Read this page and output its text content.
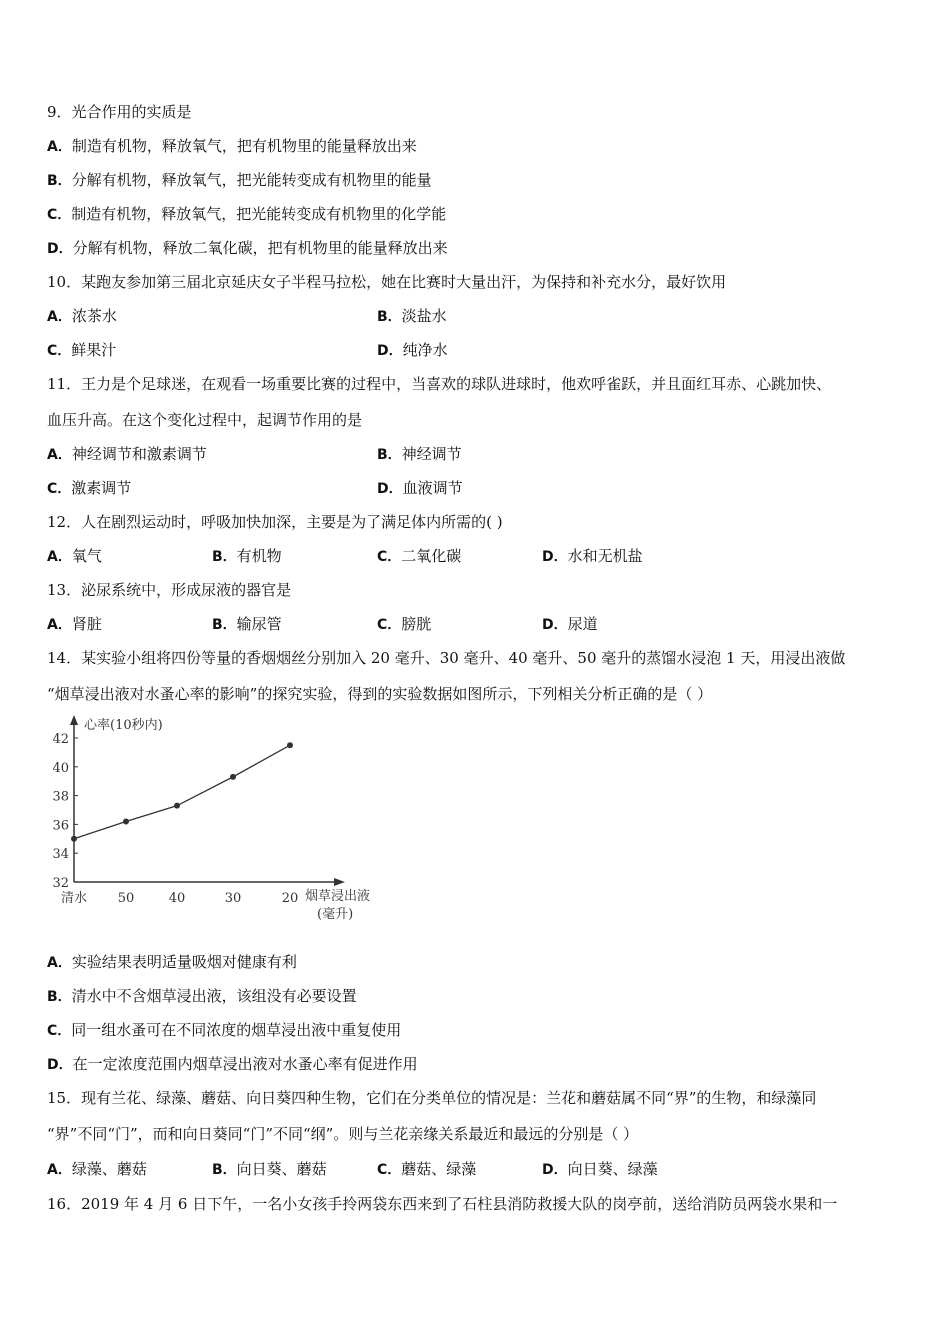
9．光合作用的实质是
A．制造有机物，释放氧气，把有机物里的能量释放出来
B．分解有机物，释放氧气，把光能转变成有机物里的能量
C．制造有机物，释放氧气，把光能转变成有机物里的化学能
D．分解有机物，释放二氧化碳，把有机物里的能量释放出来
10．某跑友参加第三届北京延庆女子半程马拉松，她在比赛时大量出汗，为保持和补充水分，最好饮用
A．浓茶水	B．淡盐水
C．鲜果汁	D．纯净水
11．王力是个足球迷，在观看一场重要比赛的过程中，当喜欢的球队进球时，他欢呼雀跃，并且面红耳赤、心跳加快、
血压升高。在这个变化过程中，起调节作用的是
A．神经调节和激素调节	B．神经调节
C．激素调节	D．血液调节
12．人在剧烈运动时，呼吸加快加深，主要是为了满足体内所需的( )
A．氧气	B．有机物	C．二氧化碳	D．水和无机盐
13．泌尿系统中，形成尿液的器官是
A．肾脏	B．输尿管	C．膀胱	D．尿道
14．某实验小组将四份等量的香烟烟丝分别加入 20 毫升、30 毫升、40 毫升、50 毫升的蒸馏水浸泡 1 天，用浸出液做
“烟草浸出液对水蚤心率的影响”的探究实验，得到的实验数据如图所示，下列相关分析正确的是（ ）
心率(10秒内)
烟草浸出液
(毫升)
32
34
36
38
40
42
清水 50	40	30	20
A．实验结果表明适量吸烟对健康有利
B．清水中不含烟草浸出液，该组没有必要设置
C．同一组水蚤可在不同浓度的烟草浸出液中重复使用
D．在一定浓度范围内烟草浸出液对水蚤心率有促进作用
15．现有兰花、绿藻、蘑菇、向日葵四种生物，它们在分类单位的情况是：兰花和蘑菇属不同“界”的生物，和绿藻同
“界”不同“门”，而和向日葵同“门”不同“纲”。则与兰花亲缘关系最近和最远的分别是（ ）
A．绿藻、蘑菇	B．向日葵、蘑菇	C．蘑菇、绿藻	D．向日葵、绿藻
16．2019 年 4 月 6 日下午，一名小女孩手拎两袋东西来到了石柱县消防救援大队的岗亭前，送给消防员两袋水果和一
